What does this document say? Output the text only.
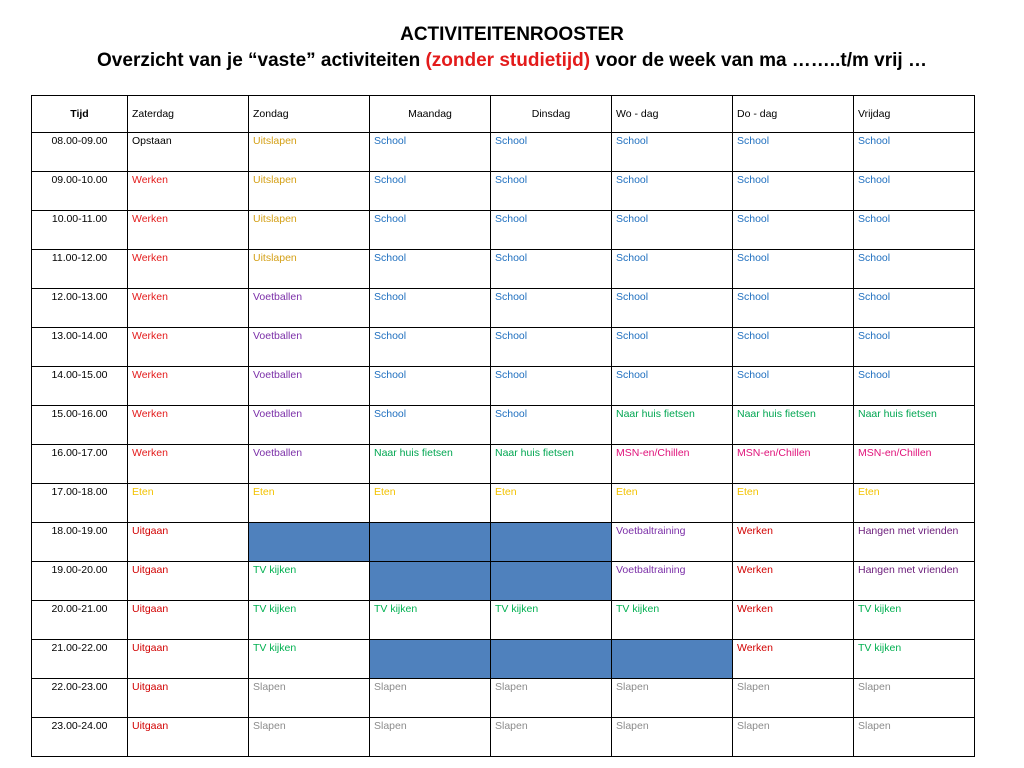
ACTIVITEITENROOSTER
Overzicht van je “vaste” activiteiten (zonder studietijd) voor de week van ma ……..t/m vrij …
Tijd	Zaterdag	Zondag	Maandag	Dinsdag	Wo - dag	Do - dag	Vrijdag
08.00-09.00	Opstaan	Uitslapen	School	School	School	School	School
09.00-10.00	Werken	Uitslapen	School	School	School	School	School
10.00-11.00	Werken	Uitslapen	School	School	School	School	School
11.00-12.00	Werken	Uitslapen	School	School	School	School	School
12.00-13.00	Werken	Voetballen	School	School	School	School	School
13.00-14.00	Werken	Voetballen	School	School	School	School	School
14.00-15.00	Werken	Voetballen	School	School	School	School	School
15.00-16.00	Werken	Voetballen	School	School	Naar huis fietsen	Naar huis fietsen	Naar huis fietsen
16.00-17.00	Werken	Voetballen	Naar huis fietsen	Naar huis fietsen	MSN-en/Chillen	MSN-en/Chillen	MSN-en/Chillen
17.00-18.00	Eten	Eten	Eten	Eten	Eten	Eten	Eten
18.00-19.00	Uitgaan				Voetbaltraining	Werken	Hangen met vrienden
19.00-20.00	Uitgaan	TV kijken			Voetbaltraining	Werken	Hangen met vrienden
20.00-21.00	Uitgaan	TV kijken	TV kijken	TV kijken	TV kijken	Werken	TV kijken
21.00-22.00	Uitgaan	TV kijken				Werken	TV kijken
22.00-23.00	Uitgaan	Slapen	Slapen	Slapen	Slapen	Slapen	Slapen
23.00-24.00	Uitgaan	Slapen	Slapen	Slapen	Slapen	Slapen	Slapen
